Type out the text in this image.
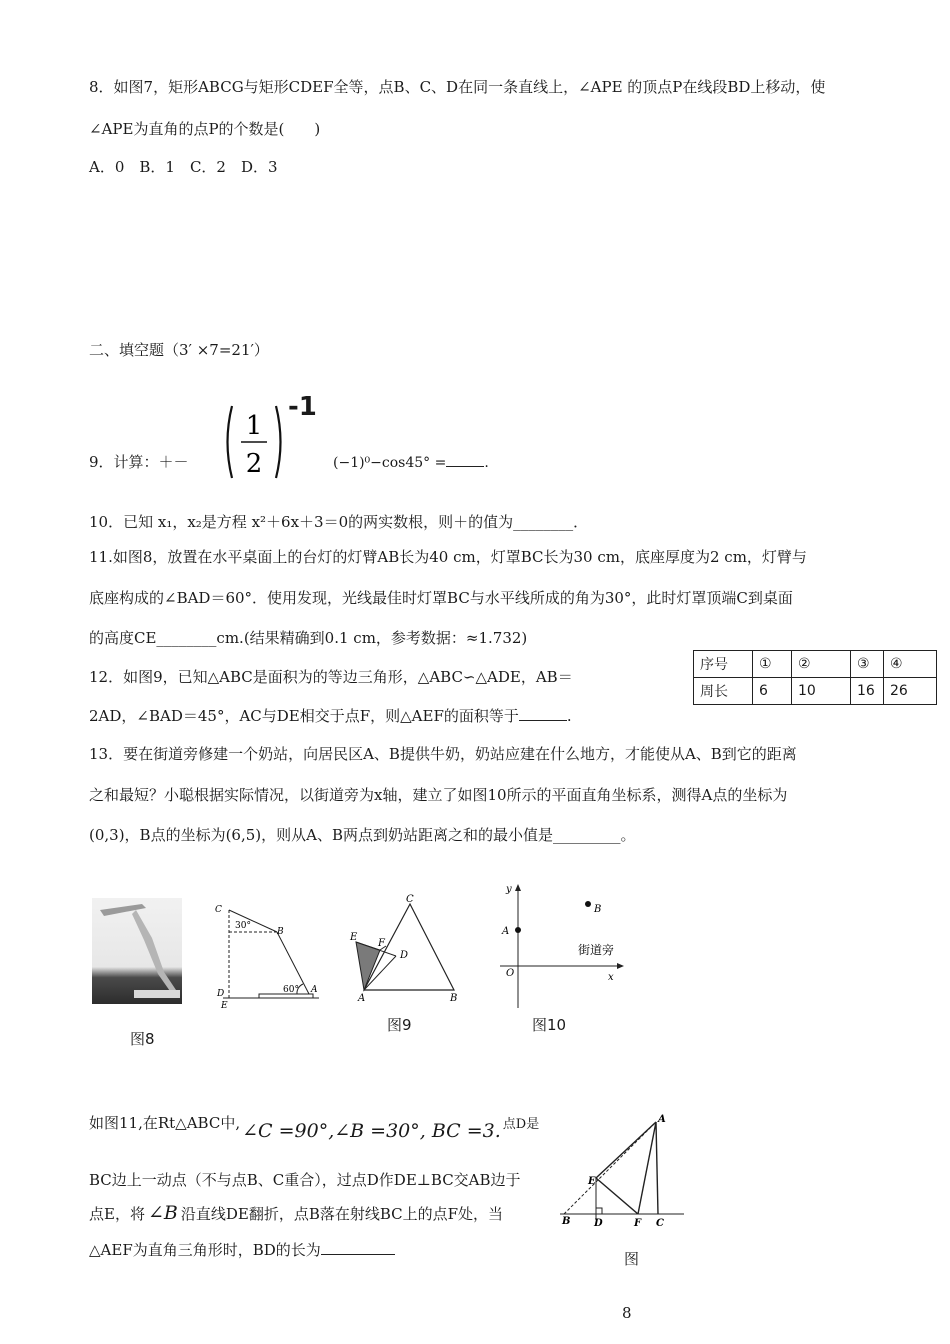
8．如图7，矩形ABCG与矩形CDEF全等，点B、C、D在同一条直线上，∠APE 的顶点P在线段BD上移动，使
∠APE为直角的点P的个数是(　　)
A．0　B．1　C．2　D．3
二、填空题（3′ ×7=21′）
9．计算：＋－
1
2
-1
(−1)⁰−cos45° =	.
10．已知 x₁，x₂是方程 x²＋6x＋3＝0的两实数根，则＋的值为________．
11.如图8，放置在水平桌面上的台灯的灯臂AB长为40 cm，灯罩BC长为30 cm，底座厚度为2 cm，灯臂与
底座构成的∠BAD＝60°．使用发现，光线最佳时灯罩BC与水平线所成的角为30°，此时灯罩顶端C到桌面
的高度CE________cm.(结果精确到0.1 cm，参考数据：≈1.732)
12．如图9，已知△ABC是面积为的等边三角形，△ABC∽△ADE，AB＝
2AD，∠BAD＝45°，AC与DE相交于点F，则△AEF的面积等于	.
序号	①	②	③	④
周长	6	10	16	26
13．要在街道旁修建一个奶站，向居民区A、B提供牛奶，奶站应建在什么地方，才能使从A、B到它的距离
之和最短？小聪根据实际情况，以街道旁为x轴，建立了如图10所示的平面直角坐标系，测得A点的坐标为
(0,3)，B点的坐标为(6,5)，则从A、B两点到奶站距离之和的最小值是_________。
图8
C
B
A
D
E
30°
60°
C
E
F
D
A	B
图9
y
B
A
街道旁
O	x
图10
如图11,在Rt△ABC中, ∠C =90°,∠B =30°, BC =3. 点D是
BC边上一动点（不与点B、C重合），过点D作DE⊥BC交AB边于
点E，将 ∠B 沿直线DE翻折，点B落在射线BC上的点F处，当
△AEF为直角三角形时，BD的长为
A
E
B D	F C
图
8
